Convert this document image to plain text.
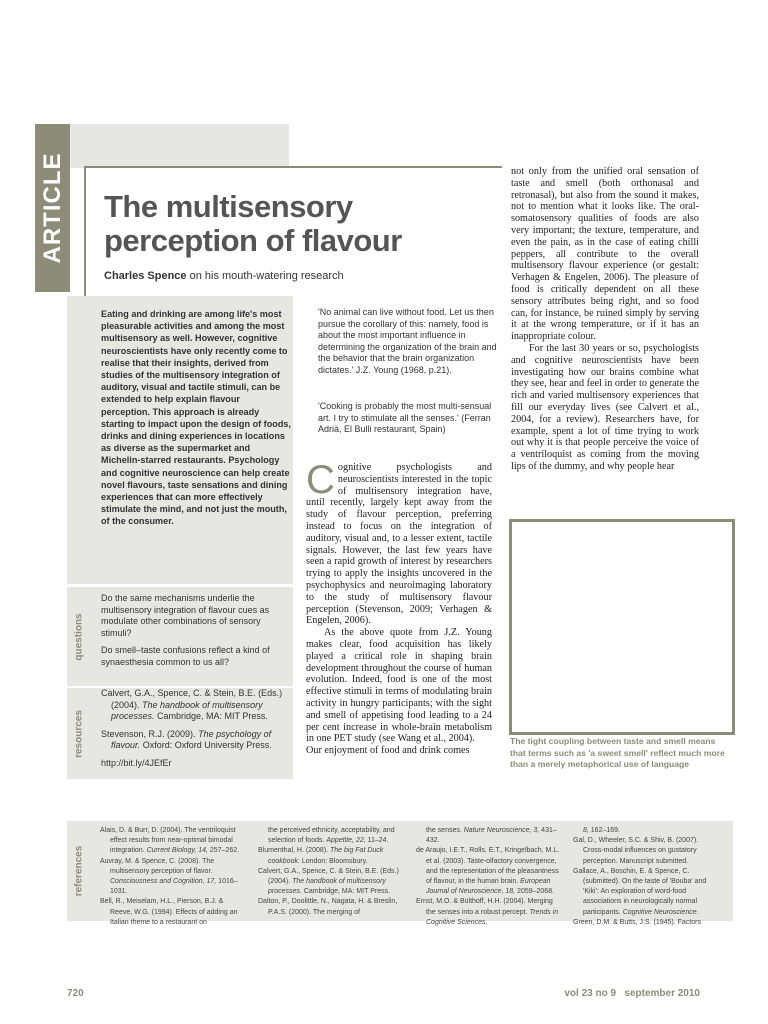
ARTICLE The multisensory perception of flavour
Charles Spence on his mouth-watering research

Eating and drinking are among life's most pleasurable activities and among the most multisensory as well. However, cognitive neuroscientists have only recently come to realise that their insights, derived from studies of the multisensory integration of auditory, visual and tactile stimuli, can be extended to help explain flavour perception. This approach is already starting to impact upon the design of foods, drinks and dining experiences in locations as diverse as the supermarket and Michelin-starred restaurants. Psychology and cognitive neuroscience can help create novel flavours, taste sensations and dining experiences that can more effectively stimulate the mind, and not just the mouth, of the consumer.

questions

Do the same mechanisms underlie the multisensory integration of flavour cues as modulate other combinations of sensory stimuli?

Do smell–taste confusions reflect a kind of synaesthesia common to us all?

resources

Calvert, G.A., Spence, C. & Stein, B.E. (Eds.) (2004). The handbook of multisensory processes. Cambridge, MA: MIT Press.

Stevenson, R.J. (2009). The psychology of flavour. Oxford: Oxford University Press.

http://bit.ly/4JEfEr

'No animal can live without food. Let us then pursue the corollary of this: namely, food is about the most important influence in determining the organization of the brain and the behavior that the brain organization dictates.' J.Z. Young (1968, p.21).
'Cooking is probably the most multi-sensual art. I try to stimulate all the senses.' (Ferran Adrià, El Bulli restaurant, Spain)

Cognitive psychologists and neuroscientists interested in the topic of multisensory integration have, until recently, largely kept away from the study of flavour perception, preferring instead to focus on the integration of auditory, visual and, to a lesser extent, tactile signals. However, the last few years have seen a rapid growth of interest by researchers trying to apply the insights uncovered in the psychophysics and neuroimaging laboratory to the study of multisensory flavour perception (Stevenson, 2009; Verhagen & Engelen, 2006).

As the above quote from J.Z. Young makes clear, food acquisition has likely played a critical role in shaping brain development throughout the course of human evolution. Indeed, food is one of the most effective stimuli in terms of modulating brain activity in hungry participants; with the sight and smell of appetising food leading to a 24 per cent increase in whole-brain metabolism in one PET study (see Wang et al., 2004).

Our enjoyment of food and drink comes

not only from the unified oral sensation of taste and smell (both orthonasal and retronasal), but also from the sound it makes, not to mention what it looks like. The oral-somatosensory qualities of foods are also very important; the texture, temperature, and even the pain, as in the case of eating chilli peppers, all contribute to the overall multisensory flavour experience (or gestalt: Verhagen & Engelen, 2006). The pleasure of food is critically dependent on all these sensory attributes being right, and so food can, for instance, be ruined simply by serving it at the wrong temperature, or if it has an inappropriate colour.

For the last 30 years or so, psychologists and cognitive neuroscientists have been investigating how our brains combine what they see, hear and feel in order to generate the rich and varied multisensory experiences that fill our everyday lives (see Calvert et al., 2004, for a review). Researchers have, for example, spent a lot of time trying to work out why it is that people perceive the voice of a ventriloquist as coming from the moving lips of the dummy, and why people hear

The tight coupling between taste and smell means that terms such as 'a sweet smell' reflect much more than a merely metaphorical use of language
references

Alais, D. & Burr, D. (2004). The ventriloquist effect results from near-optimal bimodal integration. Current Biology, 14, 257–262.

Auvray, M. & Spence, C. (2008). The multisensory perception of flavor. Consciousness and Cognition, 17, 1016–1031.

Bell, R., Meiselam, H.L., Pierson, B.J. & Reeve, W.G. (1994). Effects of adding an Italian theme to a restaurant on

the perceived ethnicity, acceptability, and selection of foods. Appetite, 22, 11–24.

Blumenthal, H. (2008). The big Fat Duck cookbook. London: Bloomsbury.

Calvert, G.A., Spence, C. & Stein, B.E. (Eds.) (2004). The handbook of multisensory processes. Cambridge, MA: MIT Press.

Dalton, P., Doolittle, N., Nagata, H. & Breslin, P.A.S. (2000). The merging of

the senses. Nature Neuroscience, 3, 431–432.

de Araujo, I.E.T., Rolls, E.T., Kringelbach, M.L. et al. (2003). Taste-olfactory convergence, and the representation of the pleasantness of flavour, in the human brain. European Journal of Neuroscience, 18, 2059–2068.

Ernst, M.O. & Bülthoff, H.H. (2004). Merging the senses into a robust percept. Trends in Cognitive Sciences,

8, 162–169.

Gal, D., Wheeler, S.C. & Shiv, B. (2007). Cross-modal influences on gustatory perception. Manuscript submitted.

Gallace, A., Boschin, E. & Spence, C. (submitted). On the taste of 'Bouba' and 'Kiki': An exploration of word-food associations in neurologically normal participants. Cognitive Neuroscience.

Green, D.M. & Butts, J.S. (1945). Factors

720	vol 23 no 9   september 2010
